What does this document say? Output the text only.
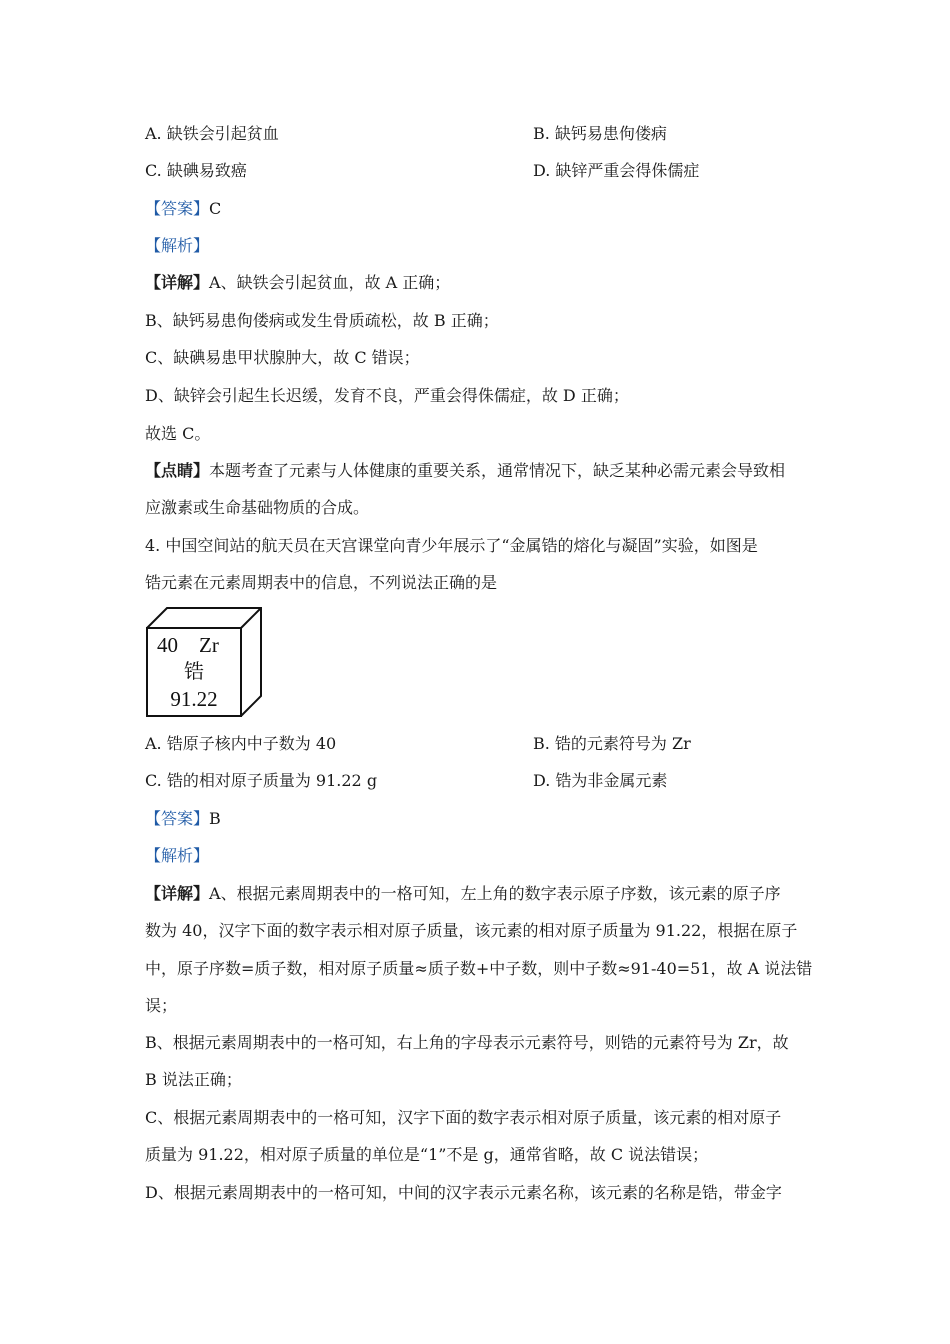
A. 缺铁会引起贫血	B. 缺钙易患佝偻病
C. 缺碘易致癌	D. 缺锌严重会得侏儒症
【答案】C
【解析】
【详解】A、缺铁会引起贫血，故 A 正确；
B、缺钙易患佝偻病或发生骨质疏松，故 B 正确；
C、缺碘易患甲状腺肿大，故 C 错误；
D、缺锌会引起生长迟缓，发育不良，严重会得侏儒症，故 D 正确；
故选 C。
【点睛】本题考查了元素与人体健康的重要关系，通常情况下，缺乏某种必需元素会导致相
应激素或生命基础物质的合成。
4. 中国空间站的航天员在天宫课堂向青少年展示了“金属锆的熔化与凝固”实验，如图是
锆元素在元素周期表中的信息，不列说法正确的是
40 Zr
锆
91.22
A. 锆原子核内中子数为 40	B. 锆的元素符号为 Zr
C. 锆的相对原子质量为 91.22 g	D. 锆为非金属元素
【答案】B
【解析】
【详解】A、根据元素周期表中的一格可知，左上角的数字表示原子序数，该元素的原子序
数为 40，汉字下面的数字表示相对原子质量，该元素的相对原子质量为 91.22，根据在原子
中，原子序数=质子数，相对原子质量≈质子数+中子数，则中子数≈91-40=51，故 A 说法错
误；
B、根据元素周期表中的一格可知，右上角的字母表示元素符号，则锆的元素符号为 Zr，故
B 说法正确；
C、根据元素周期表中的一格可知，汉字下面的数字表示相对原子质量，该元素的相对原子
质量为 91.22，相对原子质量的单位是“1”不是 g，通常省略，故 C 说法错误；
D、根据元素周期表中的一格可知，中间的汉字表示元素名称，该元素的名称是锆，带金字
